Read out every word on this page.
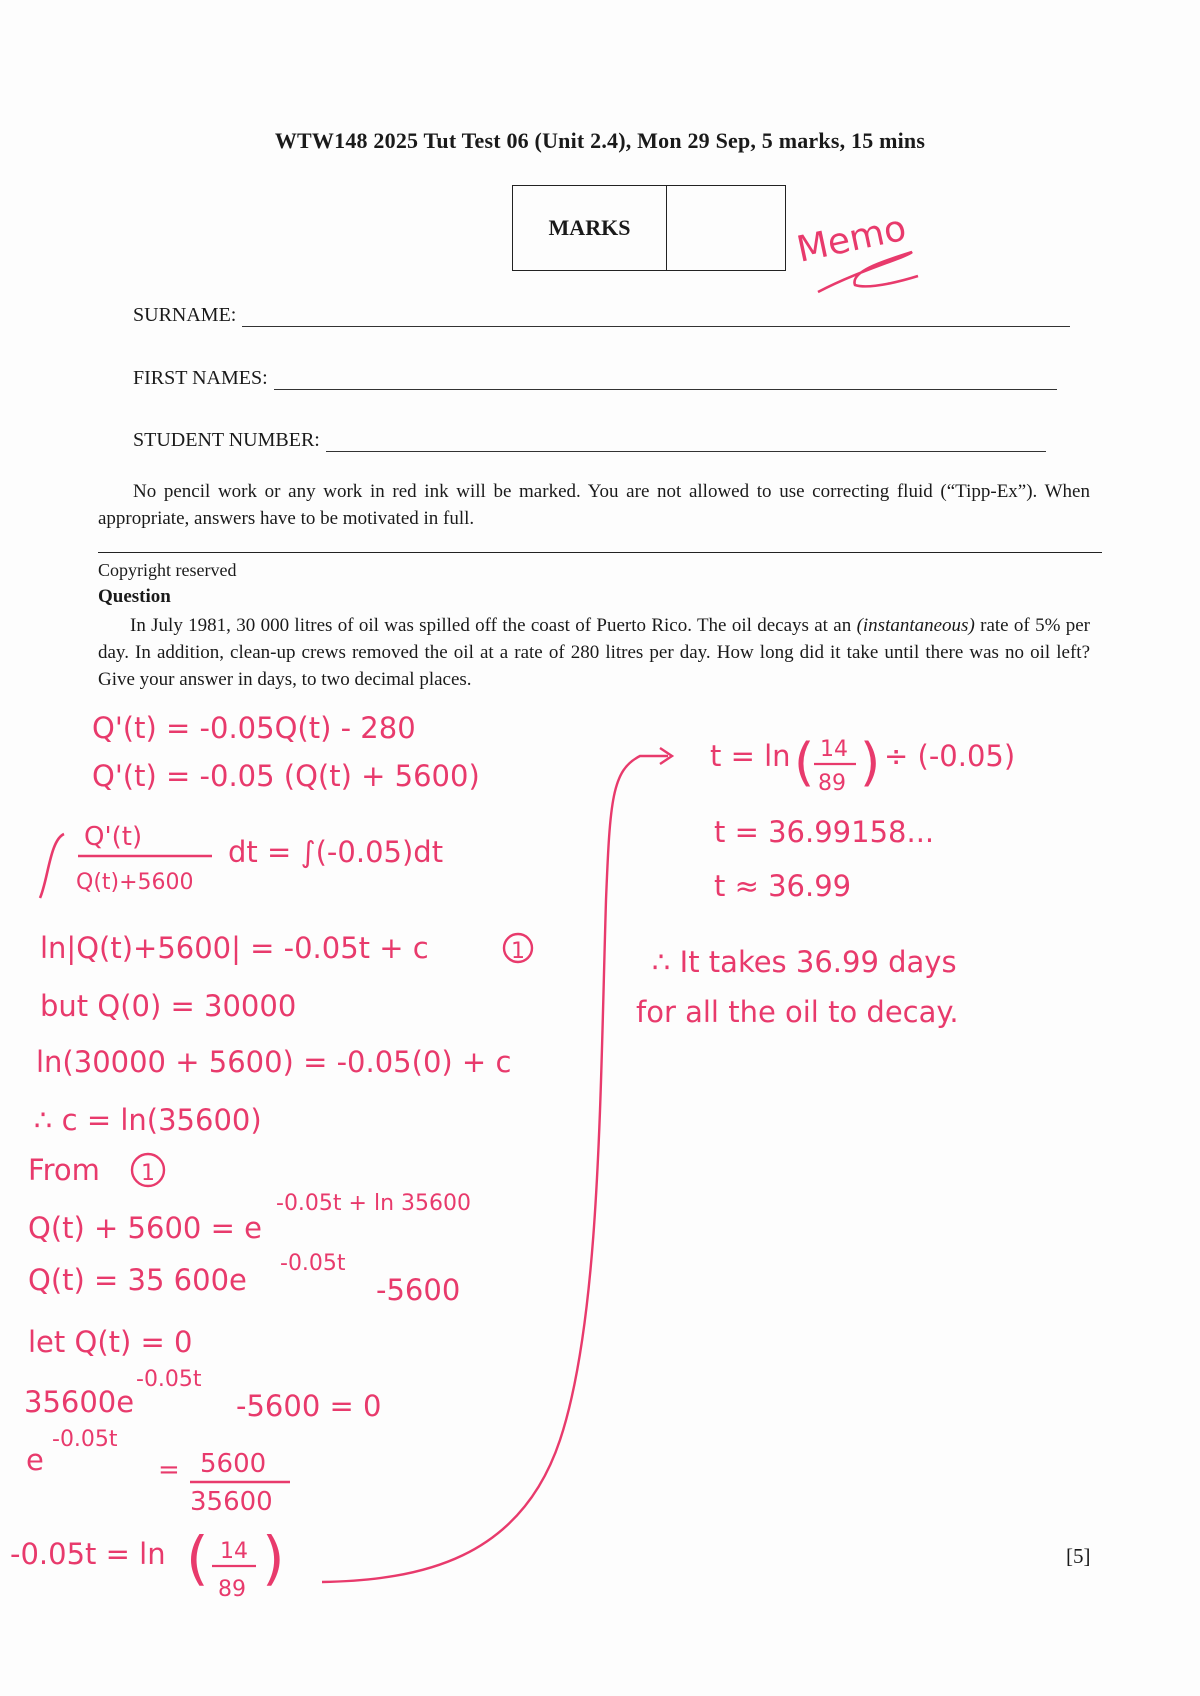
WTW148 2025 Tut Test 06 (Unit 2.4), Mon 29 Sep, 5 marks, 15 mins
MARKS
SURNAME:
FIRST NAMES:
STUDENT NUMBER:
No pencil work or any work in red ink will be marked. You are not allowed to use correcting fluid (“Tipp-Ex”). When appropriate, answers have to be motivated in full.
Copyright reserved
Question
In July 1981, 30 000 litres of oil was spilled off the coast of Puerto Rico. The oil decays at an (instantaneous) rate of 5% per day. In addition, clean-up crews removed the oil at a rate of 280 litres per day. How long did it take until there was no oil left? Give your answer in days, to two decimal places.
[5]
Memo
Q'(t) = -0.05Q(t) - 280
Q'(t) = -0.05 (Q(t) + 5600)
Q'(t)
Q(t)+5600
dt = ∫(-0.05)dt
ln|Q(t)+5600| = -0.05t + c	1
but Q(0) = 30000
ln(30000 + 5600) = -0.05(0) + c
∴ c = ln(35600)
From 1
-0.05t + ln 35600
Q(t) + 5600 = e
-0.05t
Q(t) = 35 600e	-5600
let Q(t) = 0
-0.05t
35600e	-5600 = 0
-0.05t
e	= 5600
35600
-0.05t = ln ( 14
89 )
t = ln ( 14
89 ) ÷ (-0.05)
t = 36.99158...
t ≈ 36.99
∴ It takes 36.99 days
for all the oil to decay.
